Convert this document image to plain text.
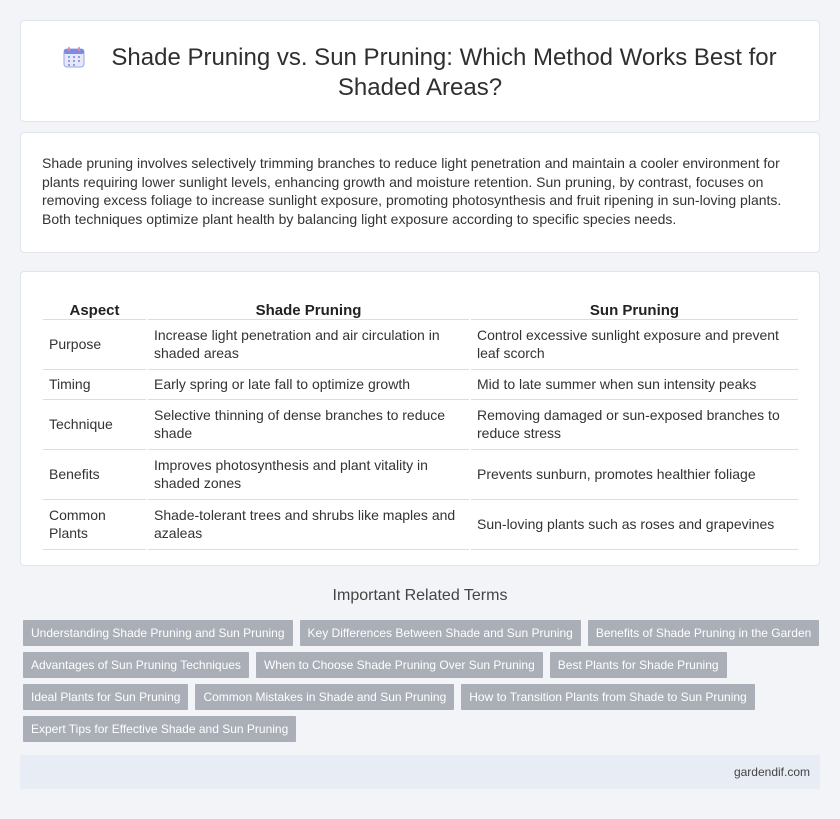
Shade Pruning vs. Sun Pruning: Which Method Works Best for Shaded Areas?

Shade pruning involves selectively trimming branches to reduce light penetration and maintain a cooler environment for plants requiring lower sunlight levels, enhancing growth and moisture retention. Sun pruning, by contrast, focuses on removing excess foliage to increase sunlight exposure, promoting photosynthesis and fruit ripening in sun-loving plants. Both techniques optimize plant health by balancing light exposure according to specific species needs.

Aspect	Shade Pruning	Sun Pruning
Purpose	Increase light penetration and air circulation in shaded areas	Control excessive sunlight exposure and prevent leaf scorch
Timing	Early spring or late fall to optimize growth	Mid to late summer when sun intensity peaks
Technique	Selective thinning of dense branches to reduce shade	Removing damaged or sun-exposed branches to reduce stress
Benefits	Improves photosynthesis and plant vitality in shaded zones	Prevents sunburn, promotes healthier foliage
Common Plants	Shade-tolerant trees and shrubs like maples and azaleas	Sun-loving plants such as roses and grapevines
Important Related Terms
Understanding Shade Pruning and Sun Pruning	Key Differences Between Shade and Sun Pruning	Benefits of Shade Pruning in the Garden
Advantages of Sun Pruning Techniques	When to Choose Shade Pruning Over Sun Pruning	Best Plants for Shade Pruning
Ideal Plants for Sun Pruning	Common Mistakes in Shade and Sun Pruning	How to Transition Plants from Shade to Sun Pruning
Expert Tips for Effective Shade and Sun Pruning
gardendif.com
